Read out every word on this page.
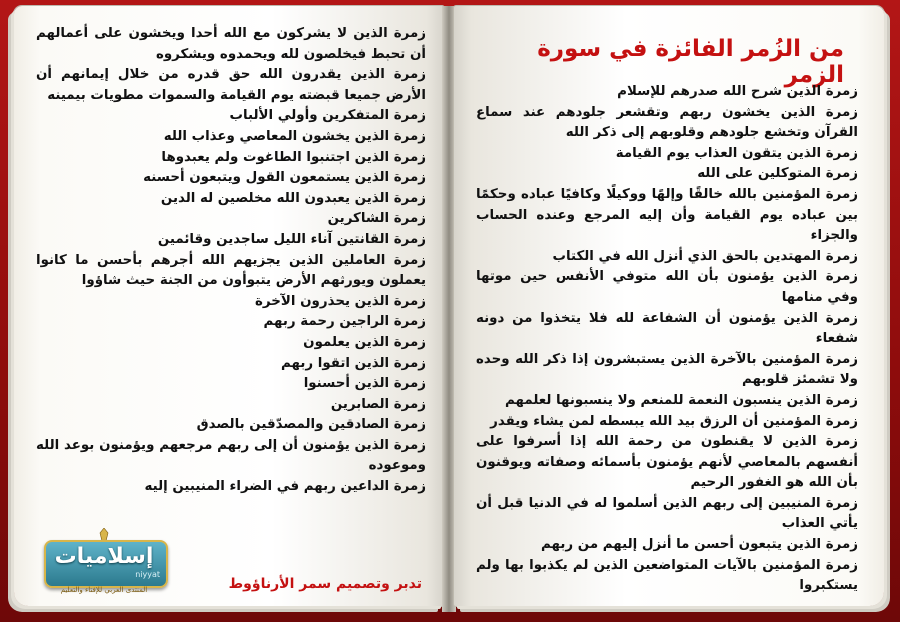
زمرة الذين لا يشركون مع الله أحدا ويخشون على أعمالهم أن تحبط فيخلصون لله ويحمدوه ويشكروه

زمرة الذين يقدرون الله حق قدره من خلال إيمانهم أن الأرض جميعا قبضته يوم القيامة والسموات مطويات بيمينه

زمرة المتفكرين وأولي الألباب

زمرة الذين يخشون المعاصي وعذاب الله

زمرة الذين اجتنبوا الطاغوت ولم يعبدوها

زمرة الذين يستمعون القول ويتبعون أحسنه

زمرة الذين يعبدون الله مخلصين له الدين

زمرة الشاكرين

زمرة القانتين آناء الليل ساجدين وقائمين

زمرة العاملين الذين يجزيهم الله أجرهم بأحسن ما كانوا يعملون ويورثهم الأرض يتبوأون من الجنة حيث شاؤوا

زمرة الذين يحذرون الآخرة

زمرة الراجين رحمة ربهم

زمرة الذين يعلمون

زمرة الذين اتقوا ربهم

زمرة الذين أحسنوا

زمرة الصابرين

زمرة الصادقين والمصدّقين بالصدق

زمرة الذين يؤمنون أن إلى ربهم مرجعهم ويؤمنون بوعد الله وموعوده

زمرة الداعين ربهم في الضراء المنيبين إليه

تدبر وتصميم سمر الأرناؤوط
إسلاميات
niyyat
المنتدى العربي للإفتاء والتعليم
من الزُمر الفائزة في سورة الزمر

زمرة الذين شرح الله صدرهم للإسلام

زمرة الذين يخشون ربهم وتقشعر جلودهم عند سماع القرآن وتخشع جلودهم وقلوبهم إلى ذكر الله

زمرة الذين يتقون العذاب يوم القيامة

زمرة المتوكلين على الله

زمرة المؤمنين بالله خالقًا وإلهًا ووكيلًا وكافيًا عباده وحكمًا بين عباده يوم القيامة وأن إليه المرجع وعنده الحساب والجزاء

زمرة المهتدين بالحق الذي أنزل الله في الكتاب

زمرة الذين يؤمنون بأن الله متوفي الأنفس حين موتها وفي منامها

زمرة الذين يؤمنون أن الشفاعة لله فلا يتخذوا من دونه شفعاء

زمرة المؤمنين بالآخرة الذين يستبشرون إذا ذكر الله وحده ولا تشمئز قلوبهم

زمرة الذين ينسبون النعمة للمنعم ولا ينسبونها لعلمهم

زمرة المؤمنين أن الرزق بيد الله يبسطه لمن يشاء ويقدر

زمرة الذين لا يقنطون من رحمة الله إذا أسرفوا على أنفسهم بالمعاصي لأنهم يؤمنون بأسمائه وصفاته ويوقنون بأن الله هو الغفور الرحيم

زمرة المنيبين إلى ربهم الذين أسلموا له في الدنيا قبل أن يأتي العذاب

زمرة الذين يتبعون أحسن ما أنزل إليهم من ربهم

زمرة المؤمنين بالآيات المتواضعين الذين لم يكذبوا بها ولم يستكبروا
